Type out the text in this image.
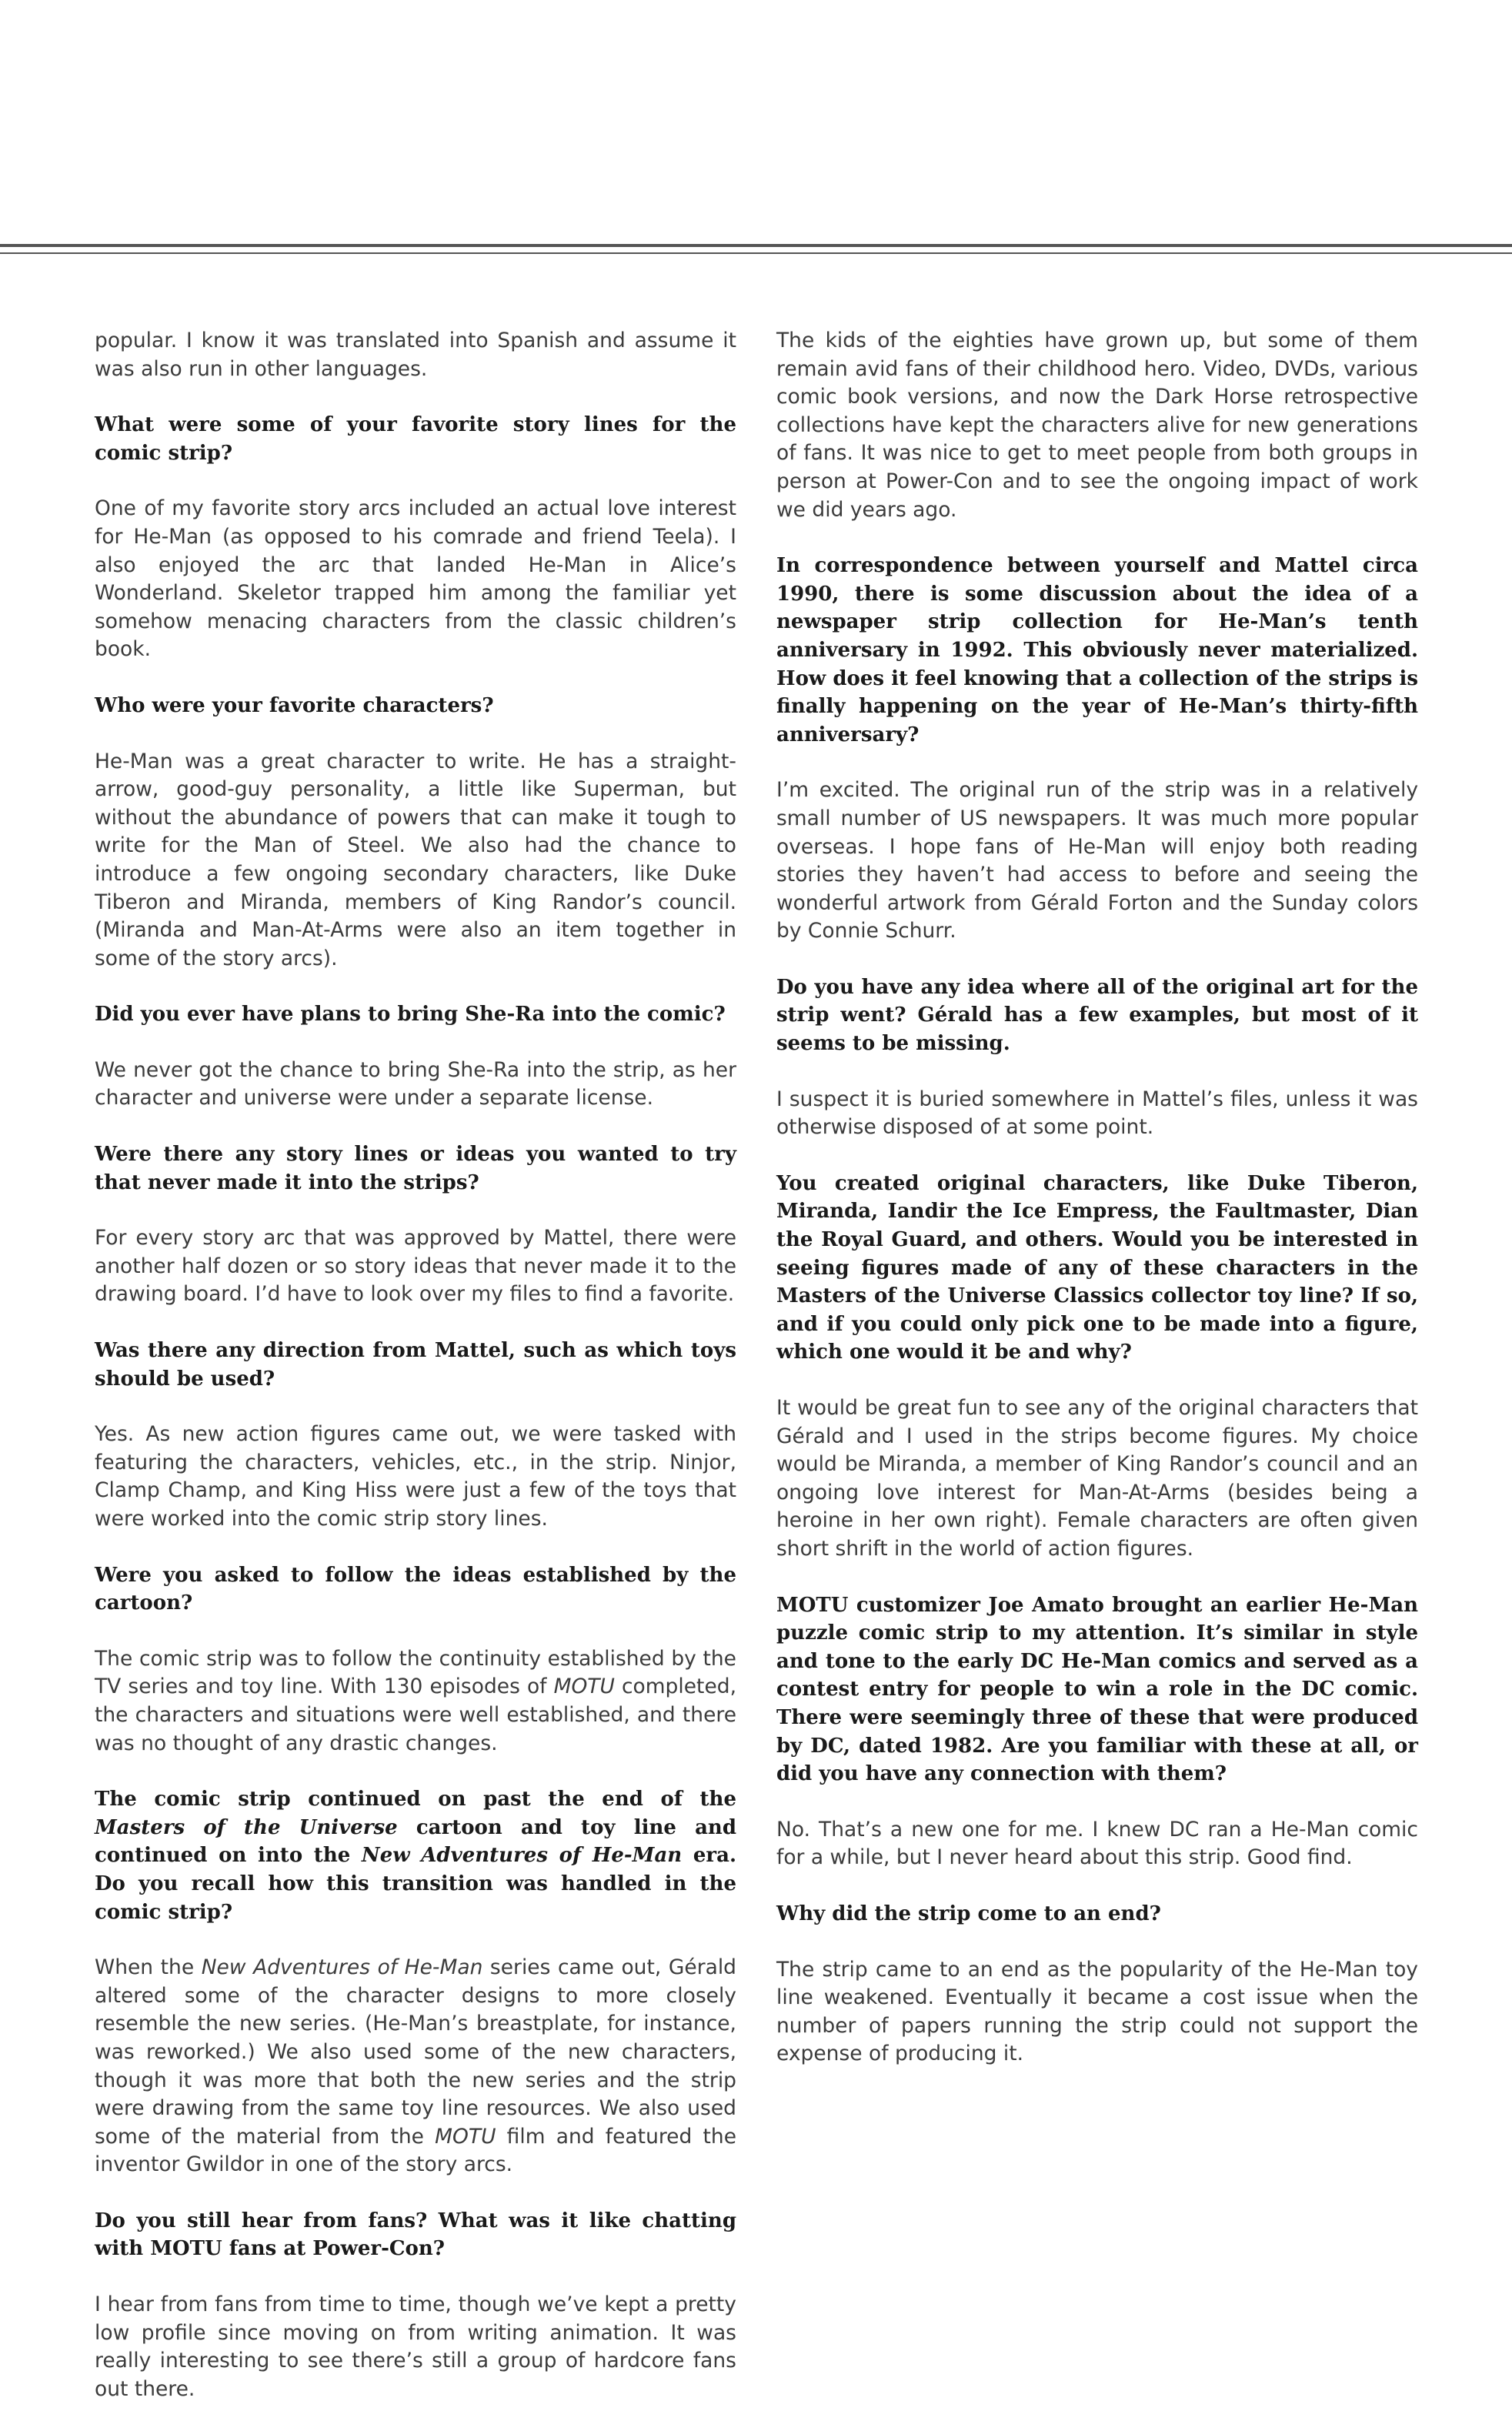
popular. I know it was translated into Spanish and assume it was also run in other languages.

What were some of your favorite story lines for the comic strip?

One of my favorite story arcs included an actual love interest for He-Man (as opposed to his comrade and friend Teela). I also enjoyed the arc that landed He-Man in Alice’s Wonderland. Skeletor trapped him among the familiar yet somehow menacing characters from the classic children’s book.

Who were your favorite characters?

He-Man was a great character to write. He has a straight-arrow, good-guy personality, a little like Superman, but without the abundance of powers that can make it tough to write for the Man of Steel. We also had the chance to introduce a few ongoing secondary characters, like Duke Tiberon and Miranda, members of King Randor’s council. (Miranda and Man-At-Arms were also an item together in some of the story arcs).

Did you ever have plans to bring She-Ra into the comic?

We never got the chance to bring She-Ra into the strip, as her character and universe were under a separate license.

Were there any story lines or ideas you wanted to try that never made it into the strips?

For every story arc that was approved by Mattel, there were another half dozen or so story ideas that never made it to the drawing board. I’d have to look over my files to find a favorite.

Was there any direction from Mattel, such as which toys should be used?

Yes. As new action figures came out, we were tasked with featuring the characters, vehicles, etc., in the strip. Ninjor, Clamp Champ, and King Hiss were just a few of the toys that were worked into the comic strip story lines.

Were you asked to follow the ideas established by the cartoon?

The comic strip was to follow the continuity established by the TV series and toy line. With 130 episodes of MOTU completed, the characters and situations were well established, and there was no thought of any drastic changes.

The comic strip continued on past the end of the Masters of the Universe cartoon and toy line and continued on into the New Adventures of He-Man era. Do you recall how this transition was handled in the comic strip?

When the New Adventures of He-Man series came out, Gérald altered some of the character designs to more closely resemble the new series. (He-Man’s breastplate, for instance, was reworked.) We also used some of the new characters, though it was more that both the new series and the strip were drawing from the same toy line resources. We also used some of the material from the MOTU film and featured the inventor Gwildor in one of the story arcs.

Do you still hear from fans? What was it like chatting with MOTU fans at Power-Con?

I hear from fans from time to time, though we’ve kept a pretty low profile since moving on from writing animation. It was really interesting to see there’s still a group of hardcore fans out there.

The kids of the eighties have grown up, but some of them remain avid fans of their childhood hero. Video, DVDs, various comic book versions, and now the Dark Horse retrospective collections have kept the characters alive for new generations of fans. It was nice to get to meet people from both groups in person at Power-Con and to see the ongoing impact of work we did years ago.

In correspondence between yourself and Mattel circa 1990, there is some discussion about the idea of a newspaper strip collection for He-Man’s tenth anniversary in 1992. This obviously never materialized. How does it feel knowing that a collection of the strips is finally happening on the year of He-Man’s thirty-fifth anniversary?

I’m excited. The original run of the strip was in a relatively small number of US newspapers. It was much more popular overseas. I hope fans of He-Man will enjoy both reading stories they haven’t had access to before and seeing the wonderful artwork from Gérald Forton and the Sunday colors by Connie Schurr.

Do you have any idea where all of the original art for the strip went? Gérald has a few examples, but most of it seems to be missing.

I suspect it is buried somewhere in Mattel’s files, unless it was otherwise disposed of at some point.

You created original characters, like Duke Tiberon, Miranda, Iandir the Ice Empress, the Faultmaster, Dian the Royal Guard, and others. Would you be interested in seeing figures made of any of these characters in the Masters of the Universe Classics collector toy line? If so, and if you could only pick one to be made into a figure, which one would it be and why?

It would be great fun to see any of the original characters that Gérald and I used in the strips become figures. My choice would be Miranda, a member of King Randor’s council and an ongoing love interest for Man-At-Arms (besides being a heroine in her own right). Female characters are often given short shrift in the world of action figures.

MOTU customizer Joe Amato brought an earlier He-Man puzzle comic strip to my attention. It’s similar in style and tone to the early DC He-Man comics and served as a contest entry for people to win a role in the DC comic. There were seemingly three of these that were produced by DC, dated 1982. Are you familiar with these at all, or did you have any connection with them?

No. That’s a new one for me. I knew DC ran a He-Man comic for a while, but I never heard about this strip. Good find.

Why did the strip come to an end?

The strip came to an end as the popularity of the He-Man toy line weakened. Eventually it became a cost issue when the number of papers running the strip could not support the expense of producing it.
